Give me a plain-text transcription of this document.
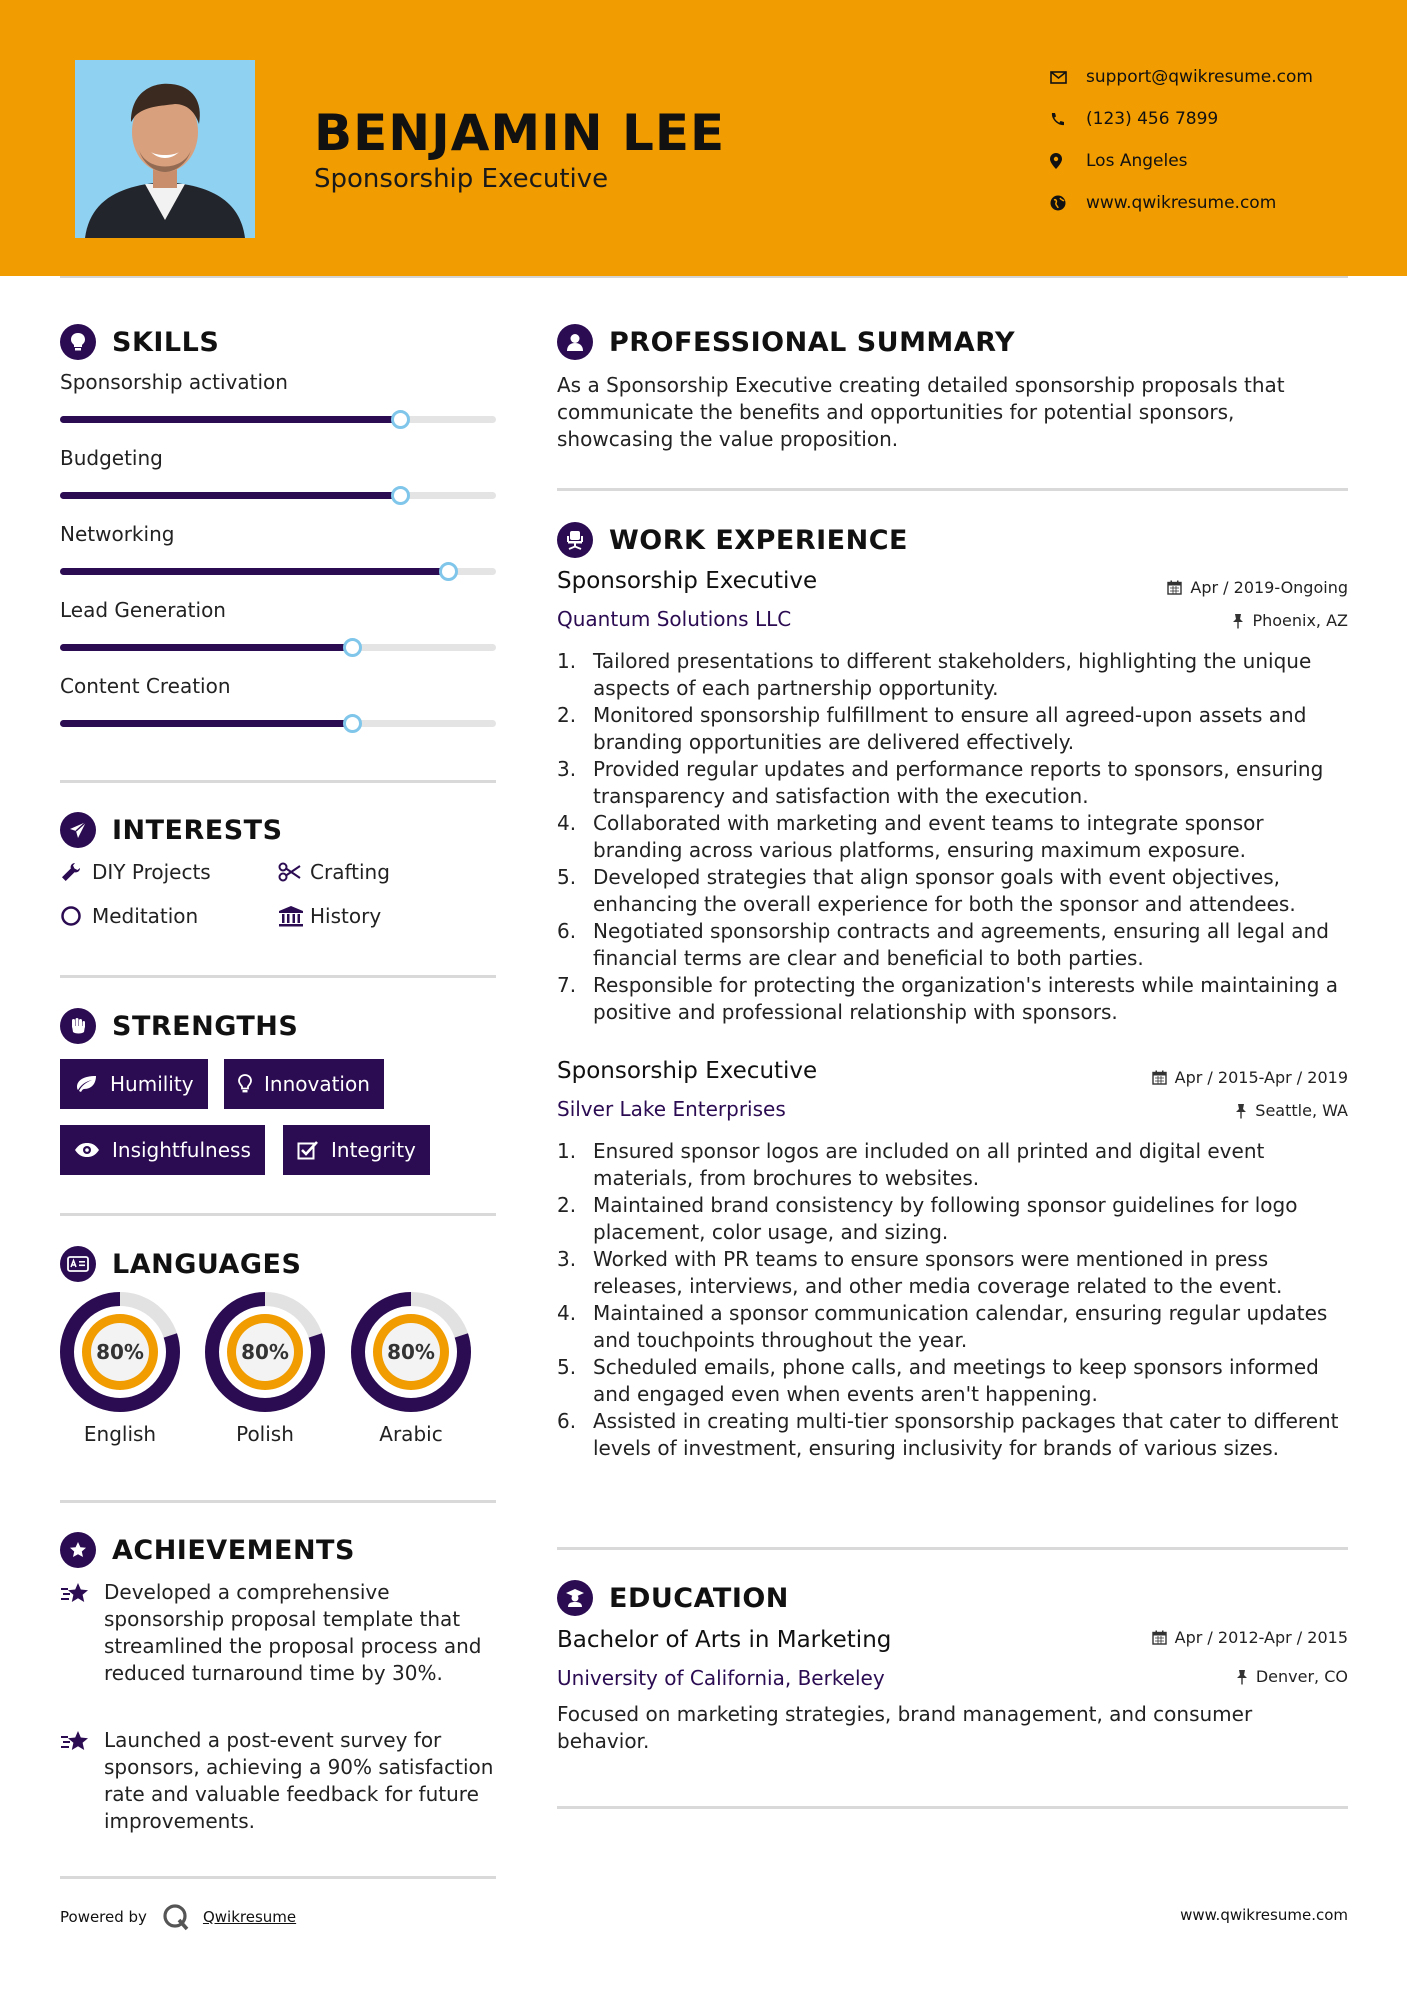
BENJAMIN LEE
Sponsorship Executive
support@qwikresume.com
(123) 456 7899
Los Angeles
www.qwikresume.com
SKILLS
Sponsorship activation
Budgeting
Networking
Lead Generation
Content Creation
INTERESTS
DIY Projects	Crafting
Meditation	History
STRENGTHS
Humility	Innovation
Insightfulness	Integrity
LANGUAGES
80%
English
80%
Polish
80%
Arabic
ACHIEVEMENTS
Developed a comprehensive sponsorship proposal template that streamlined the proposal process and reduced turnaround time by 30%.
Launched a post-event survey for sponsors, achieving a 90% satisfaction rate and valuable feedback for future improvements.
PROFESSIONAL SUMMARY
As a Sponsorship Executive creating detailed sponsorship proposals that communicate the benefits and opportunities for potential sponsors, showcasing the value proposition.
WORK EXPERIENCE
Sponsorship Executive	Apr / 2019-Ongoing
Quantum Solutions LLC	Phoenix, AZ
1. Tailored presentations to different stakeholders, highlighting the unique aspects of each partnership opportunity.
2. Monitored sponsorship fulfillment to ensure all agreed-upon assets and branding opportunities are delivered effectively.
3. Provided regular updates and performance reports to sponsors, ensuring transparency and satisfaction with the execution.
4. Collaborated with marketing and event teams to integrate sponsor branding across various platforms, ensuring maximum exposure.
5. Developed strategies that align sponsor goals with event objectives, enhancing the overall experience for both the sponsor and attendees.
6. Negotiated sponsorship contracts and agreements, ensuring all legal and financial terms are clear and beneficial to both parties.
7. Responsible for protecting the organization's interests while maintaining a positive and professional relationship with sponsors.
Sponsorship Executive	Apr / 2015-Apr / 2019
Silver Lake Enterprises	Seattle, WA
1. Ensured sponsor logos are included on all printed and digital event materials, from brochures to websites.
2. Maintained brand consistency by following sponsor guidelines for logo placement, color usage, and sizing.
3. Worked with PR teams to ensure sponsors were mentioned in press releases, interviews, and other media coverage related to the event.
4. Maintained a sponsor communication calendar, ensuring regular updates and touchpoints throughout the year.
5. Scheduled emails, phone calls, and meetings to keep sponsors informed and engaged even when events aren't happening.
6. Assisted in creating multi-tier sponsorship packages that cater to different levels of investment, ensuring inclusivity for brands of various sizes.
EDUCATION
Bachelor of Arts in Marketing	Apr / 2012-Apr / 2015
University of California, Berkeley	Denver, CO
Focused on marketing strategies, brand management, and consumer behavior.
Powered by	Qwikresume	www.qwikresume.com
